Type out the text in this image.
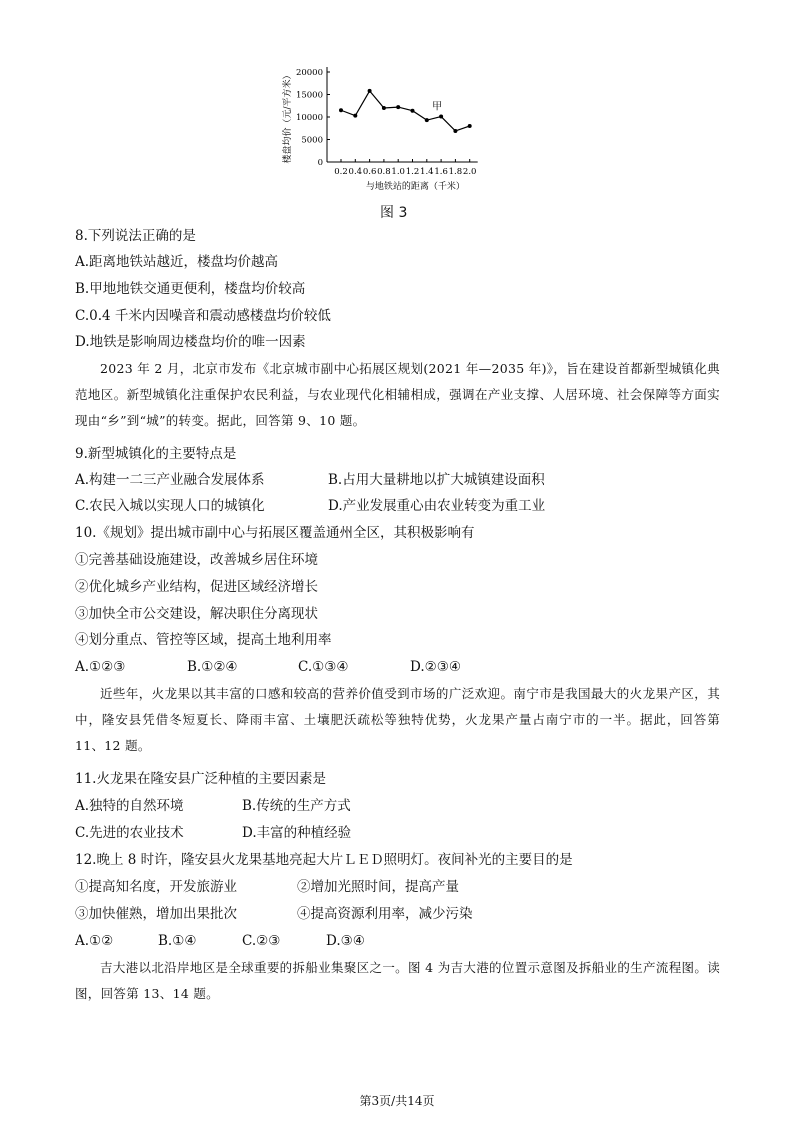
0
5000
10000
15000
20000
0.2 0.4 0.6 0.8 1.0 1.2 1.4 1.6 1.8 2.0
甲
与地铁站的距离（千米）
楼盘均价（元/平方米）
图 3
8.下列说法正确的是
A.距离地铁站越近，楼盘均价越高
B.甲地地铁交通更便利，楼盘均价较高
C.0.4 千米内因噪音和震动感楼盘均价较低
D.地铁是影响周边楼盘均价的唯一因素
2023 年 2 月，北京市发布《北京城市副中心拓展区规划(2021 年—2035 年)》，旨在建设首都新型城镇化典范地区。新型城镇化注重保护农民利益，与农业现代化相辅相成，强调在产业支撑、人居环境、社会保障等方面实现由“乡”到“城”的转变。据此，回答第 9、10 题。
9.新型城镇化的主要特点是
A.构建一二三产业融合发展体系	B.占用大量耕地以扩大城镇建设面积
C.农民入城以实现人口的城镇化	D.产业发展重心由农业转变为重工业
10.《规划》提出城市副中心与拓展区覆盖通州全区，其积极影响有
①完善基础设施建设，改善城乡居住环境
②优化城乡产业结构，促进区域经济增长
③加快全市公交建设，解决职住分离现状
④划分重点、管控等区域，提高土地利用率
A.①②③	B.①②④	C.①③④	D.②③④
近些年，火龙果以其丰富的口感和较高的营养价值受到市场的广泛欢迎。南宁市是我国最大的火龙果产区，其中，隆安县凭借冬短夏长、降雨丰富、土壤肥沃疏松等独特优势，火龙果产量占南宁市的一半。据此，回答第 11、12 题。
11.火龙果在隆安县广泛种植的主要因素是
A.独特的自然环境	B.传统的生产方式
C.先进的农业技术	D.丰富的种植经验
12.晚上 8 时许，隆安县火龙果基地亮起大片ＬＥＤ照明灯。夜间补光的主要目的是
①提高知名度，开发旅游业	②增加光照时间，提高产量
③加快催熟，增加出果批次	④提高资源利用率，减少污染
A.①②	B.①④	C.②③	D.③④
吉大港以北沿岸地区是全球重要的拆船业集聚区之一。图 4 为吉大港的位置示意图及拆船业的生产流程图。读图，回答第 13、14 题。
第3页/共14页
